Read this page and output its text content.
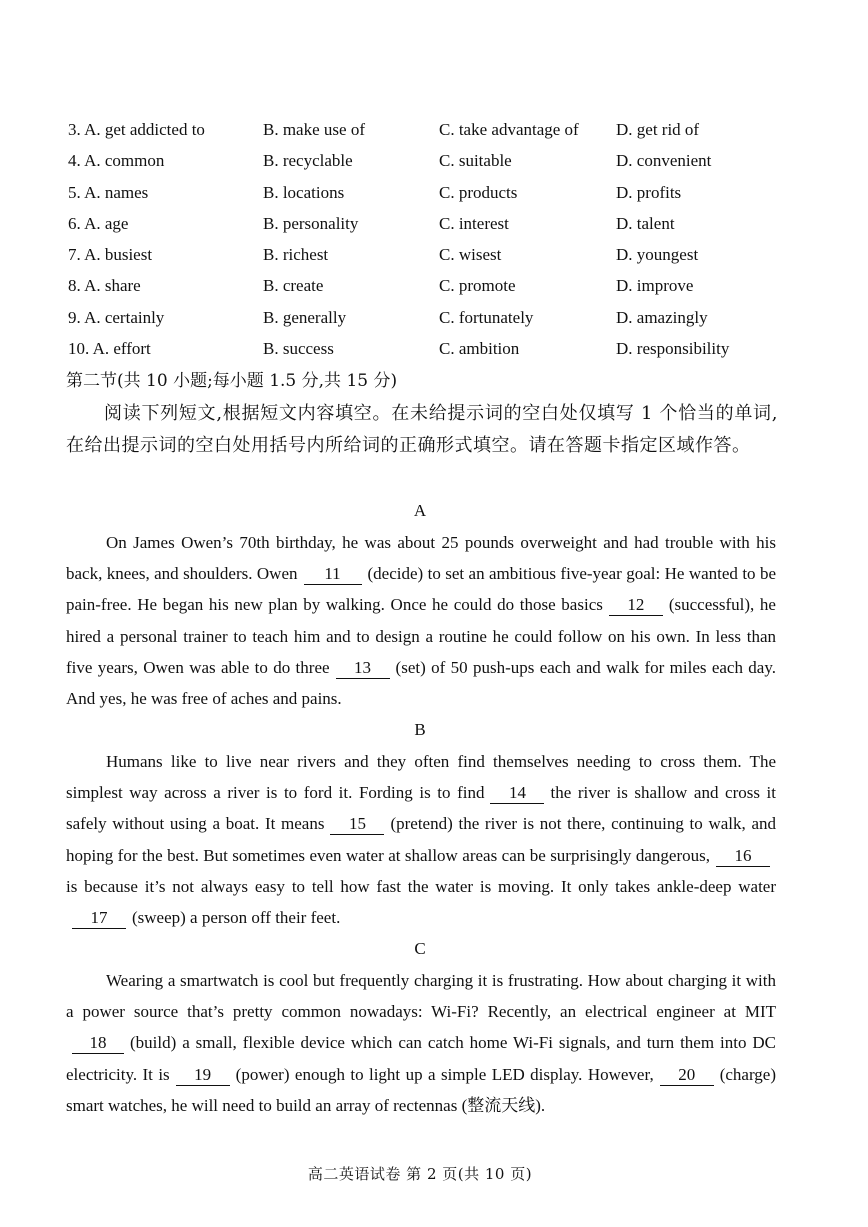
3. A. get addicted to	B. make use of	C. take advantage of D. get rid of
4. A. common	B. recyclable	C. suitable	D. convenient
5. A. names	B. locations	C. products	D. profits
6. A. age	B. personality	C. interest	D. talent
7. A. busiest	B. richest	C. wisest	D. youngest
8. A. share	B. create	C. promote	D. improve
9. A. certainly	B. generally	C. fortunately	D. amazingly
10. A. effort	B. success	C. ambition	D. responsibility
第二节(共 10 小题;每小题 1.5 分,共 15 分)
阅读下列短文,根据短文内容填空。在未给提示词的空白处仅填写 1 个恰当的单词,在给出提示词的空白处用括号内所给词的正确形式填空。请在答题卡指定区域作答。
A
On James Owen’s 70th birthday, he was about 25 pounds overweight and had trouble with his back, knees, and shoulders. Owen 11 (decide) to set an ambitious five-year goal: He wanted to be pain-free. He began his new plan by walking. Once he could do those basics 12 (successful), he hired a personal trainer to teach him and to design a routine he could follow on his own. In less than five years, Owen was able to do three 13 (set) of 50 push-ups each and walk for miles each day. And yes, he was free of aches and pains.
B
Humans like to live near rivers and they often find themselves needing to cross them. The simplest way across a river is to ford it. Fording is to find 14 the river is shallow and cross it safely without using a boat. It means 15 (pretend) the river is not there, continuing to walk, and hoping for the best. But sometimes even water at shallow areas can be surprisingly dangerous, 16is because it’s not always easy to tell how fast the water is moving. It only takes ankle-deep water17 (sweep) a person off their feet.
C
Wearing a smartwatch is cool but frequently charging it is frustrating. How about charging it with a power source that’s pretty common nowadays: Wi-Fi? Recently, an electrical engineer at MIT18 (build) a small, flexible device which can catch home Wi-Fi signals, and turn them into DC electricity. It is 19 (power) enough to light up a simple LED display. However, 20 (charge) smart watches, he will need to build an array of rectennas (整流天线).
高二英语试卷 第 2 页(共 10 页)
